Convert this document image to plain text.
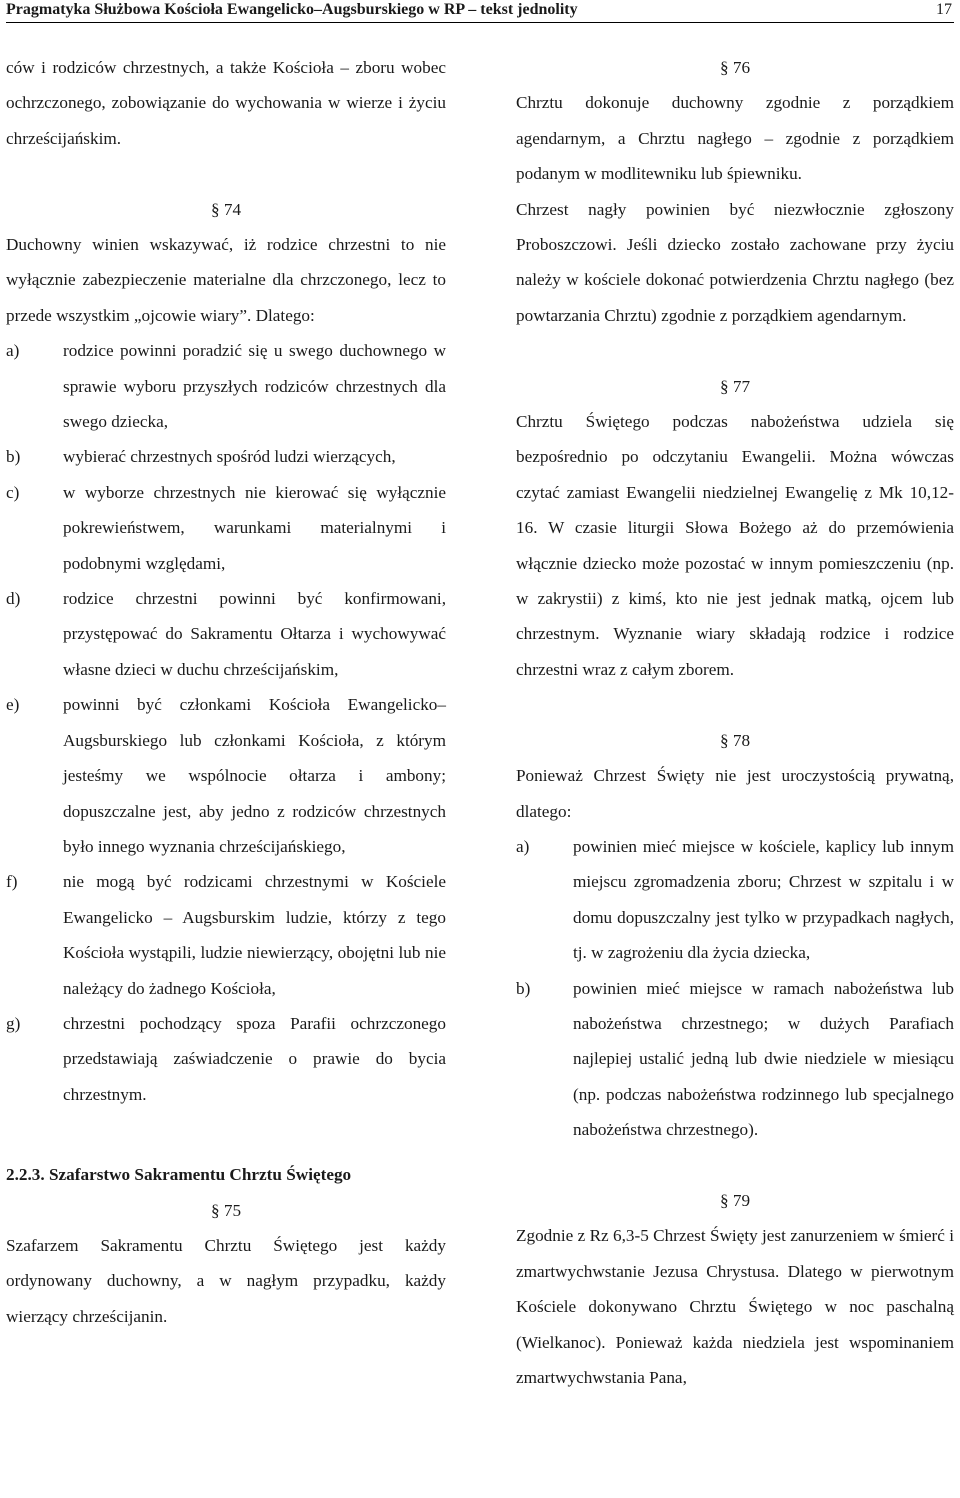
Pragmatyka Służbowa Kościoła Ewangelicko–Augsburskiego w RP – tekst jednolity	17

ców i rodziców chrzestnych, a także Kościoła – zboru wobec ochrzczonego, zobowiązanie do wychowania w wierze i życiu chrześcijańskim.

§ 74

Duchowny winien wskazywać, iż rodzice chrzestni to nie wyłącznie zabezpieczenie materialne dla chrzczonego, lecz to przede wszystkim „ojcowie wiary”. Dlatego:

a)	rodzice powinni poradzić się u swego duchownego w sprawie wyboru przyszłych rodziców chrzestnych dla swego dziecka,
b) wybierać chrzestnych spośród ludzi wierzących,
c)	w wyborze chrzestnych nie kierować się wyłącznie pokrewieństwem, warunkami materialnymi i podobnymi względami,
d) rodzice chrzestni powinni być konfirmowani, przystępować do Sakramentu Ołtarza i wychowywać własne dzieci w duchu chrześcijańskim,
e)	powinni być członkami Kościoła Ewangelicko–Augsburskiego lub członkami Kościoła, z którym jesteśmy we wspólnocie ołtarza i ambony; dopuszczalne jest, aby jedno z rodziców chrzestnych było innego wyznania chrześcijańskiego,
f)	nie mogą być rodzicami chrzestnymi w Kościele Ewangelicko – Augsburskim ludzie, którzy z tego Kościoła wystąpili, ludzie niewierzący, obojętni lub nie należący do żadnego Kościoła,
g) chrzestni pochodzący spoza Parafii ochrzczonego przedstawiają zaświadczenie o prawie do bycia chrzestnym.

2.2.3. Szafarstwo Sakramentu Chrztu Świętego

§ 75

Szafarzem Sakramentu Chrztu Świętego jest każdy ordynowany duchowny, a w nagłym przypadku, każdy wierzący chrześcijanin.

§ 76

Chrztu dokonuje duchowny zgodnie z porządkiem agendarnym, a Chrztu nagłego – zgodnie z porządkiem podanym w modlitewniku lub śpiewniku.

Chrzest nagły powinien być niezwłocznie zgłoszony Proboszczowi. Jeśli dziecko zostało zachowane przy życiu należy w kościele dokonać potwierdzenia Chrztu nagłego (bez powtarzania Chrztu) zgodnie z porządkiem agendarnym.

§ 77

Chrztu Świętego podczas nabożeństwa udziela się bezpośrednio po odczytaniu Ewangelii. Można wówczas czytać zamiast Ewangelii niedzielnej Ewangelię z Mk 10,12-16. W czasie liturgii Słowa Bożego aż do przemówienia włącznie dziecko może pozostać w innym pomieszczeniu (np. w zakrystii) z kimś, kto nie jest jednak matką, ojcem lub chrzestnym. Wyznanie wiary składają rodzice i rodzice chrzestni wraz z całym zborem.

§ 78

Ponieważ Chrzest Święty nie jest uroczystością prywatną, dlatego:

a)	powinien mieć miejsce w kościele, kaplicy lub innym miejscu zgromadzenia zboru; Chrzest w szpitalu i w domu dopuszczalny jest tylko w przypadkach nagłych, tj. w zagrożeniu dla życia dziecka,
b) powinien mieć miejsce w ramach nabożeństwa lub nabożeństwa chrzestnego; w dużych Parafiach najlepiej ustalić jedną lub dwie niedziele w miesiącu (np. podczas nabożeństwa rodzinnego lub specjalnego nabożeństwa chrzestnego).

§ 79

Zgodnie z Rz 6,3-5 Chrzest Święty jest zanurzeniem w śmierć i zmartwychwstanie Jezusa Chrystusa. Dlatego w pierwotnym Kościele dokonywano Chrztu Świętego w noc paschalną (Wielkanoc). Ponieważ każda niedziela jest wspominaniem zmartwychwstania Pana,
